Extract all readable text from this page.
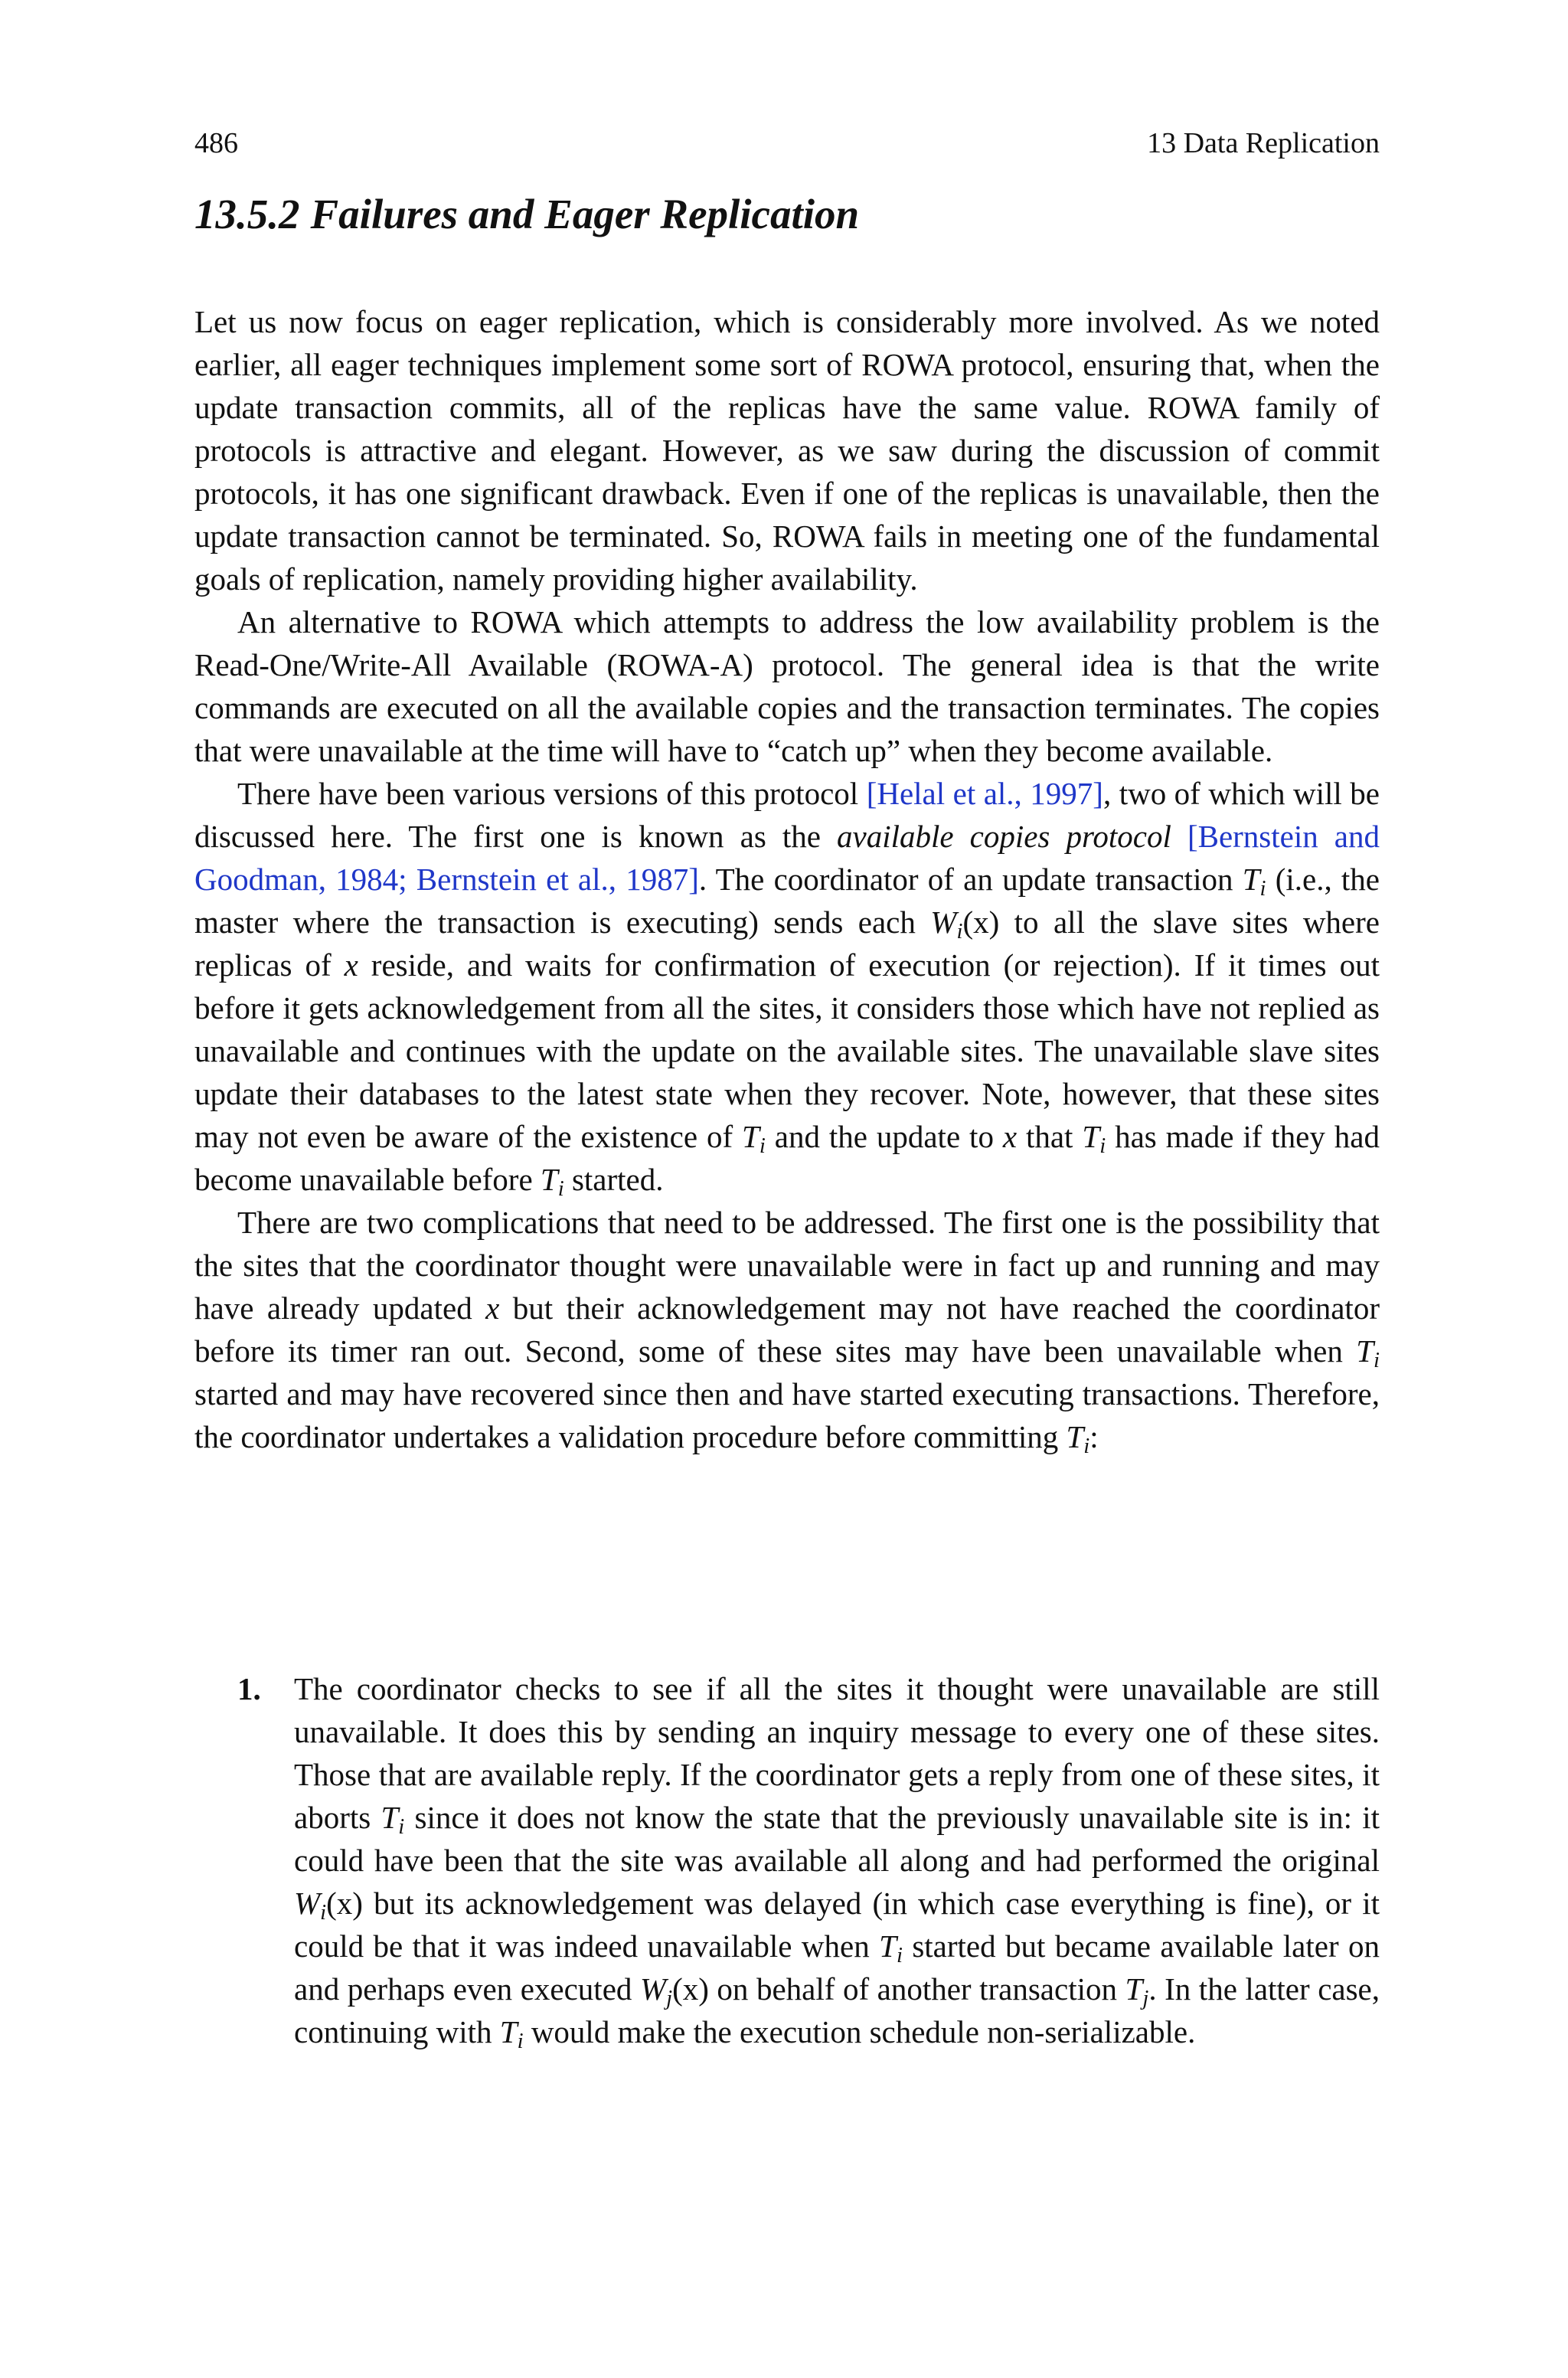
486	13 Data Replication
13.5.2 Failures and Eager Replication

Let us now focus on eager replication, which is considerably more involved. As we noted earlier, all eager techniques implement some sort of ROWA protocol, ensuring that, when the update transaction commits, all of the replicas have the same value. ROWA family of protocols is attractive and elegant. However, as we saw during the discussion of commit protocols, it has one significant drawback. Even if one of the replicas is unavailable, then the update transaction cannot be terminated. So, ROWA fails in meeting one of the fundamental goals of replication, namely providing higher availability.

An alternative to ROWA which attempts to address the low availability problem is the Read-One/Write-All Available (ROWA-A) protocol. The general idea is that the write commands are executed on all the available copies and the transaction terminates. The copies that were unavailable at the time will have to “catch up” when they become available.

There have been various versions of this protocol [Helal et al., 1997], two of which will be discussed here. The first one is known as the available copies protocol [Bernstein and Goodman, 1984; Bernstein et al., 1987]. The coordinator of an update transaction $T_i$ (i.e., the master where the transaction is executing) sends each $W_i(x)$ to all the slave sites where replicas of x reside, and waits for confirmation of execution (or rejection). If it times out before it gets acknowledgement from all the sites, it considers those which have not replied as unavailable and continues with the update on the available sites. The unavailable slave sites update their databases to the latest state when they recover. Note, however, that these sites may not even be aware of the existence of $T_i$ and the update to x that $T_i$ has made if they had become unavailable before $T_i$ started.

There are two complications that need to be addressed. The first one is the possibility that the sites that the coordinator thought were unavailable were in fact up and running and may have already updated x but their acknowledgement may not have reached the coordinator before its timer ran out. Second, some of these sites may have been unavailable when $T_i$ started and may have recovered since then and have started executing transactions. Therefore, the coordinator undertakes a validation procedure before committing $T_i$:

1. The coordinator checks to see if all the sites it thought were unavailable are still unavailable. It does this by sending an inquiry message to every one of these sites. Those that are available reply. If the coordinator gets a reply from one of these sites, it aborts $T_i$ since it does not know the state that the previously unavailable site is in: it could have been that the site was available all along and had performed the original $W_i(x)$ but its acknowledgement was delayed (in which case everything is fine), or it could be that it was indeed unavailable when $T_i$ started but became available later on and perhaps even executed $W_j(x)$ on behalf of another transaction $T_j$. In the latter case, continuing with $T_i$ would make the execution schedule non-serializable.
